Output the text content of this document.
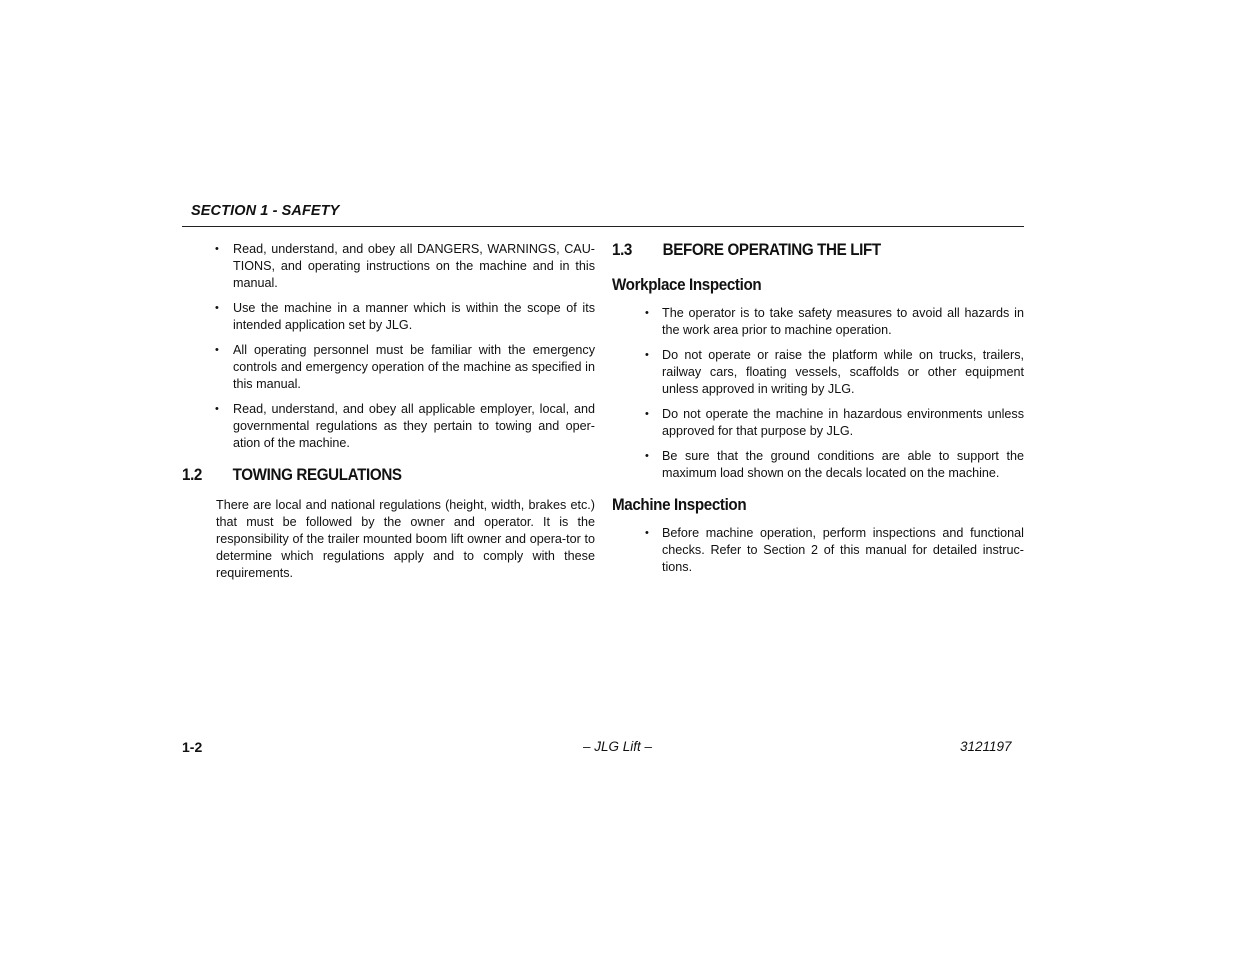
SECTION 1 - SAFETY
• Read, understand, and obey all DANGERS, WARNINGS, CAU-TIONS, and operating instructions on the machine and in this manual.
• Use the machine in a manner which is within the scope of its intended application set by JLG.
• All operating personnel must be familiar with the emergency controls and emergency operation of the machine as specified in this manual.
• Read, understand, and obey all applicable employer, local, and governmental regulations as they pertain to towing and oper-ation of the machine.
1.2	TOWING REGULATIONS
There are local and national regulations (height, width, brakes etc.) that must be followed by the owner and operator. It is the responsibility of the trailer mounted boom lift owner and opera-tor to determine which regulations apply and to comply with these requirements.
1.3	BEFORE OPERATING THE LIFT
Workplace Inspection
• The operator is to take safety measures to avoid all hazards in the work area prior to machine operation.
• Do not operate or raise the platform while on trucks, trailers, railway cars, floating vessels, scaffolds or other equipment unless approved in writing by JLG.
• Do not operate the machine in hazardous environments unless approved for that purpose by JLG.
• Be sure that the ground conditions are able to support the maximum load shown on the decals located on the machine.
Machine Inspection
• Before machine operation, perform inspections and functional checks. Refer to Section 2 of this manual for detailed instruc-tions.
– JLG Lift –
1-2	3121197
